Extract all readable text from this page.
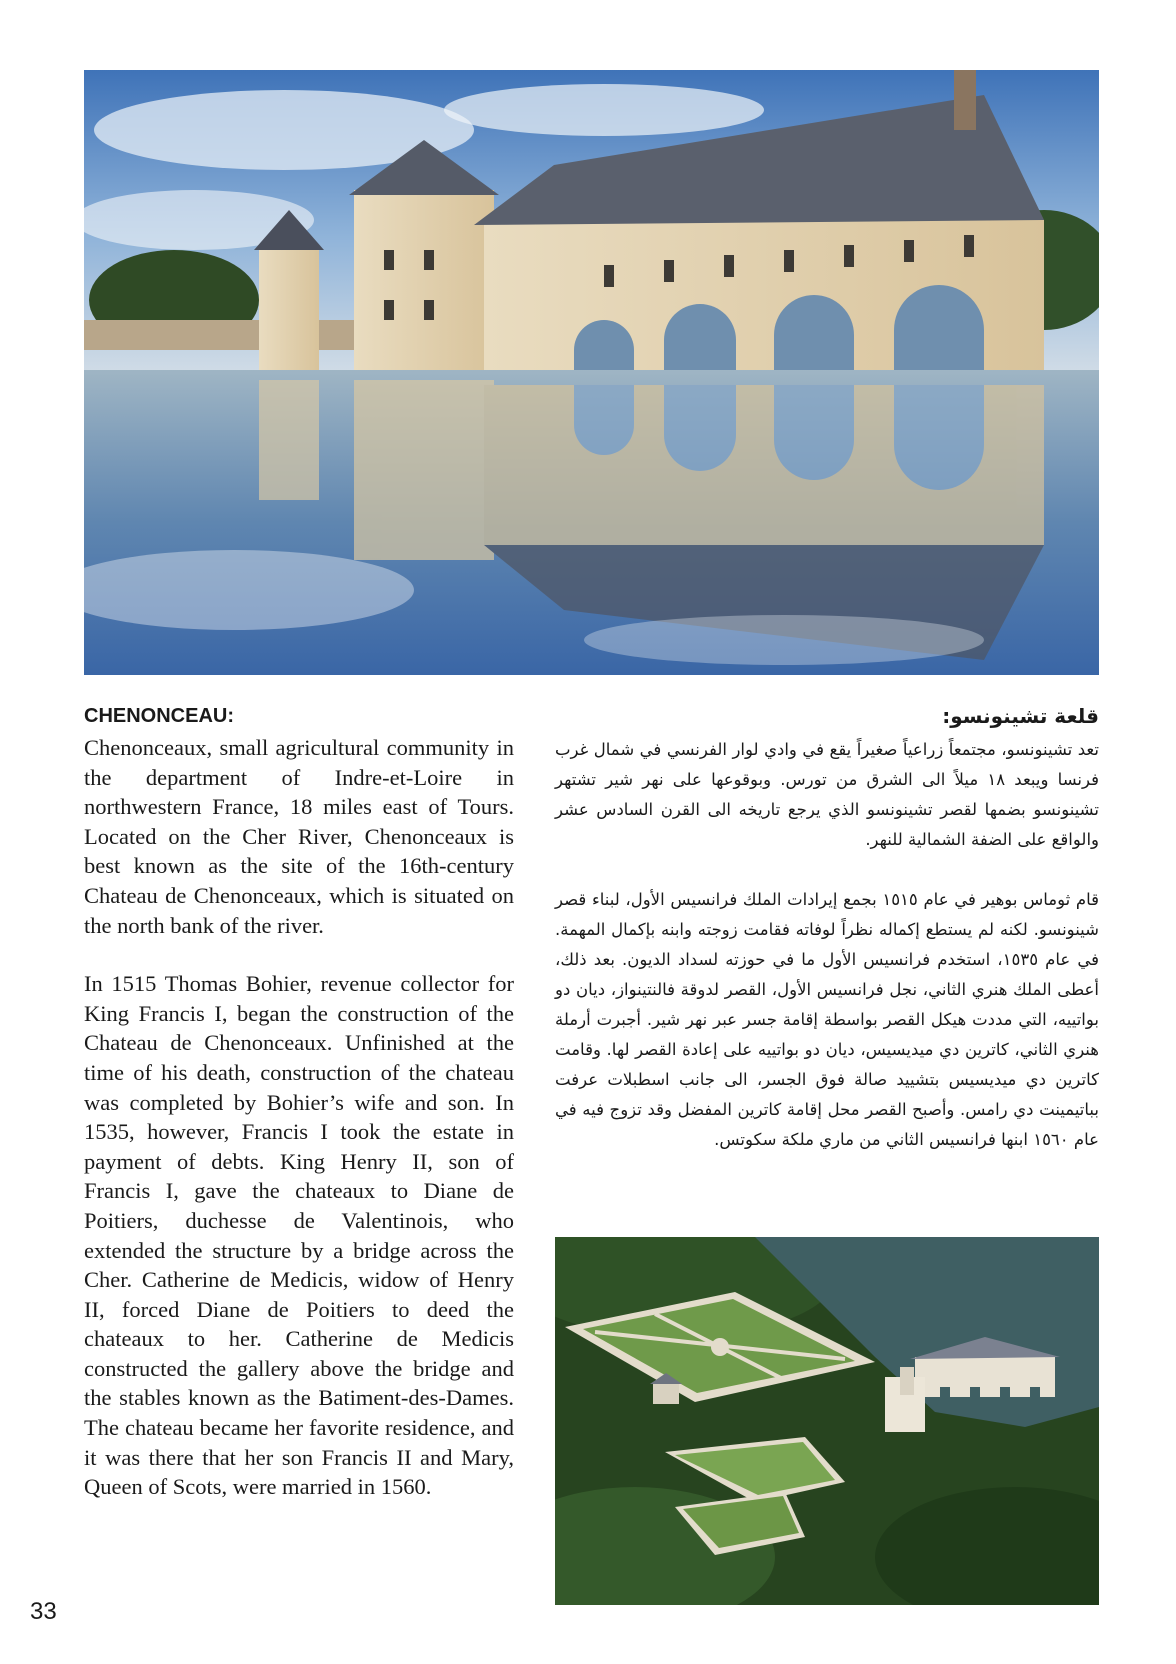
CHENONCEAU:

Chenonceaux, small agricultural community in the department of Indre-et-Loire in northwestern France, 18 miles east of Tours. Located on the Cher River, Chenonceaux is best known as the site of the 16th-century Chateau de Chenonceaux, which is situated on the north bank of the river.

In 1515 Thomas Bohier, revenue collector for King Francis I, began the construction of the Chateau de Chenonceaux. Unfinished at the time of his death, construction of the chateau was completed by Bohier’s wife and son. In 1535, however, Francis I took the estate in payment of debts. King Henry II, son of Francis I, gave the chateaux to Diane de Poitiers, duchesse de Valentinois, who extended the structure by a bridge across the Cher. Catherine de Medicis, widow of Henry II, forced Diane de Poitiers to deed the chateaux to her. Catherine de Medicis constructed the gallery above the bridge and the stables known as the Batiment-des-Dames. The chateau became her favorite residence, and it was there that her son Francis II and Mary, Queen of Scots, were married in 1560.

قلعة تشينونسو:

تعد تشينونسو، مجتمعاً زراعياً صغيراً يقع في وادي لوار الفرنسي في شمال غرب فرنسا ويبعد ١٨ ميلاً الى الشرق من تورس. وبوقوعها على نهر شير تشتهر تشينونسو بضمها لقصر تشينونسو الذي يرجع تاريخه الى القرن السادس عشر والواقع على الضفة الشمالية للنهر.

قام ثوماس بوهير في عام ١٥١٥ بجمع إيرادات الملك فرانسيس الأول، لبناء قصر شينونسو. لكنه لم يستطع إكماله نظراً لوفاته فقامت زوجته وابنه بإكمال المهمة. في عام ١٥٣٥، استخدم فرانسيس الأول ما في حوزته لسداد الديون. بعد ذلك، أعطى الملك هنري الثاني، نجل فرانسيس الأول، القصر لدوقة فالنتينواز، ديان دو بواتييه، التي مددت هيكل القصر بواسطة إقامة جسر عبر نهر شير. أجبرت أرملة هنري الثاني، كاترين دي ميديسيس، ديان دو بواتييه على إعادة القصر لها. وقامت كاترين دي ميديسيس بتشييد صالة فوق الجسر، الى جانب اسطبلات عرفت بباتيمينت دي رامس. وأصبح القصر محل إقامة كاترين المفضل وقد تزوج فيه في عام ١٥٦٠ ابنها فرانسيس الثاني من ماري ملكة سكوتس.

33
